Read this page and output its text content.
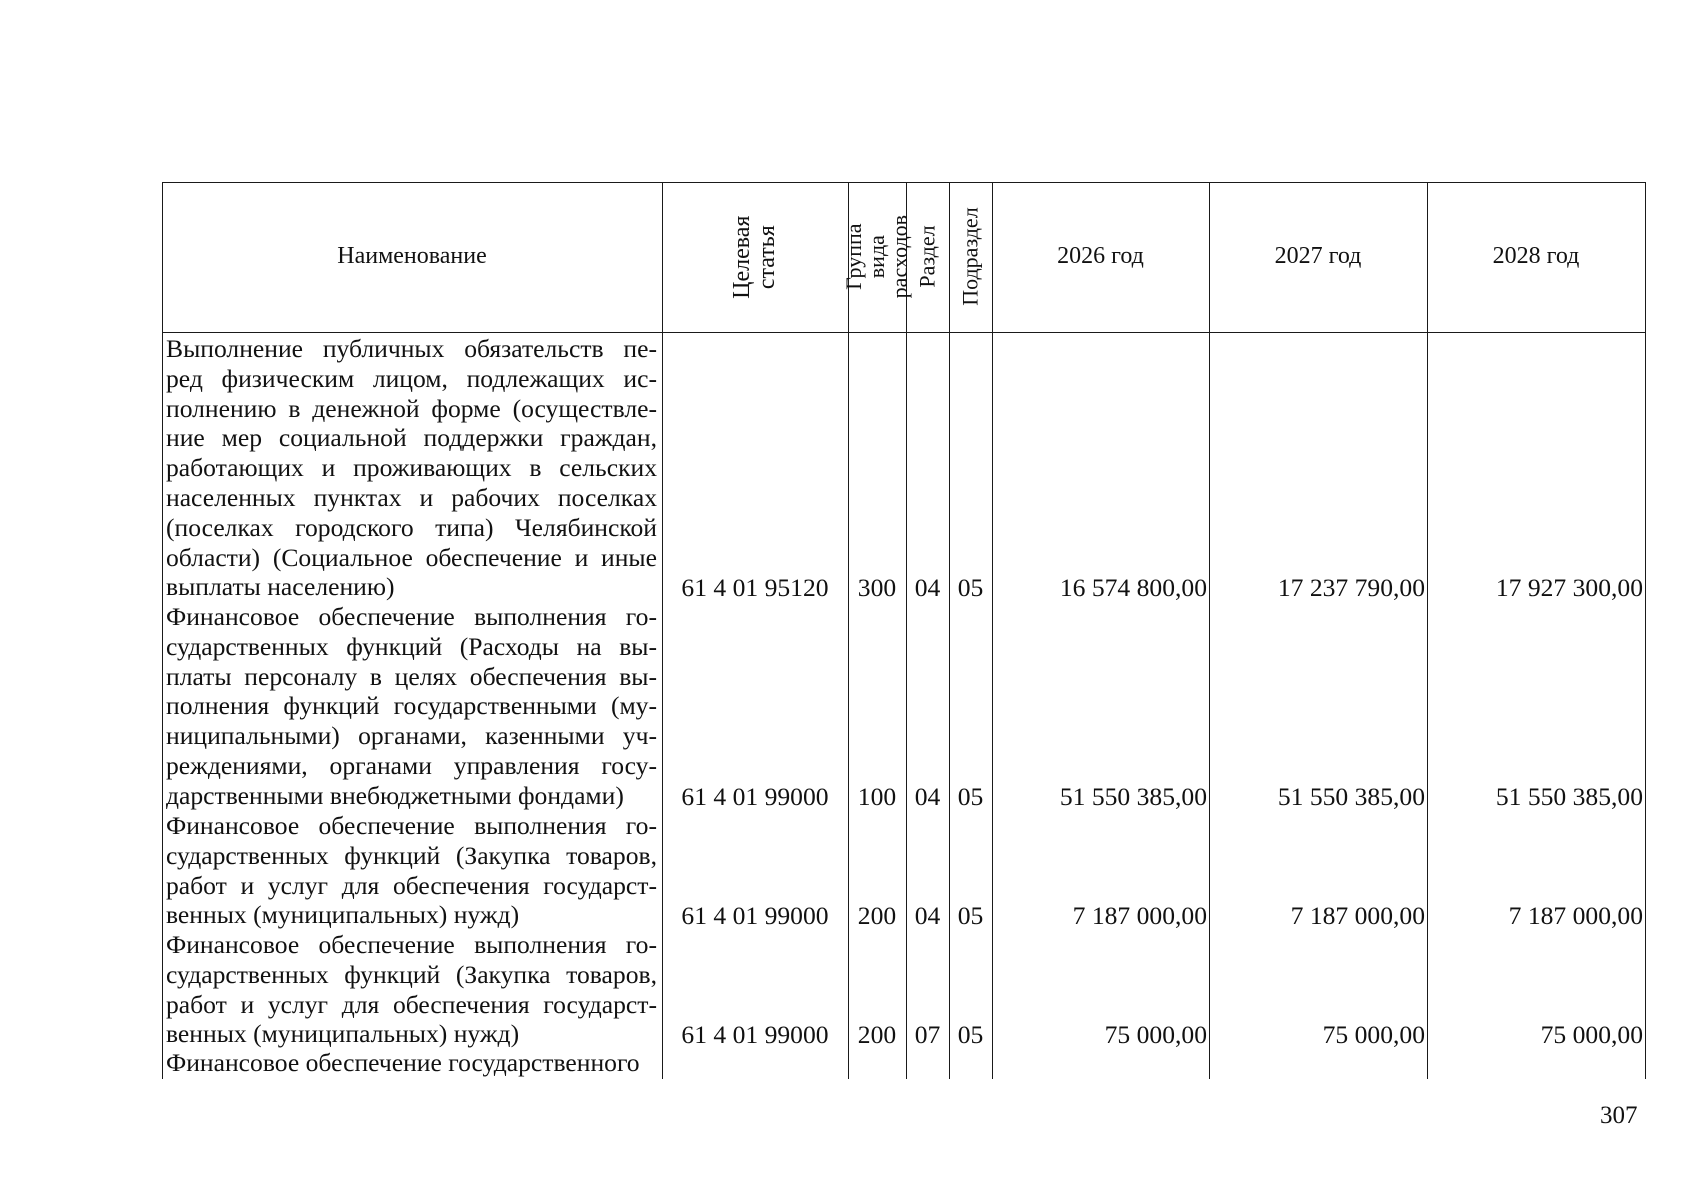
Наименование	Целевая статья	Группа вида расходов Раздел Подраздел	2026 год	2027 год	2028 год
Выполнение публичных обязательств пе-
ред физическим лицом, подлежащих ис-
полнению в денежной форме (осуществле-
ние мер социальной поддержки граждан,
работающих и проживающих в сельских
населенных пунктах и рабочих поселках
(поселках городского типа) Челябинской
области) (Социальное обеспечение и иные
выплаты населению)	61 4 01 95120	300 04 05	16 574 800,00	17 237 790,00	17 927 300,00
Финансовое обеспечение выполнения го-
сударственных функций (Расходы на вы-
платы персоналу в целях обеспечения вы-
полнения функций государственными (му-
ниципальными) органами, казенными уч-
реждениями, органами управления госу-
дарственными внебюджетными фондами)	61 4 01 99000	100 04 05	51 550 385,00	51 550 385,00	51 550 385,00
Финансовое обеспечение выполнения го-
сударственных функций (Закупка товаров,
работ и услуг для обеспечения государст-
венных (муниципальных) нужд)	61 4 01 99000	200 04 05	7 187 000,00	7 187 000,00	7 187 000,00
Финансовое обеспечение выполнения го-
сударственных функций (Закупка товаров,
работ и услуг для обеспечения государст-
венных (муниципальных) нужд)	61 4 01 99000	200 07 05	75 000,00	75 000,00	75 000,00
Финансовое обеспечение государственного
307
